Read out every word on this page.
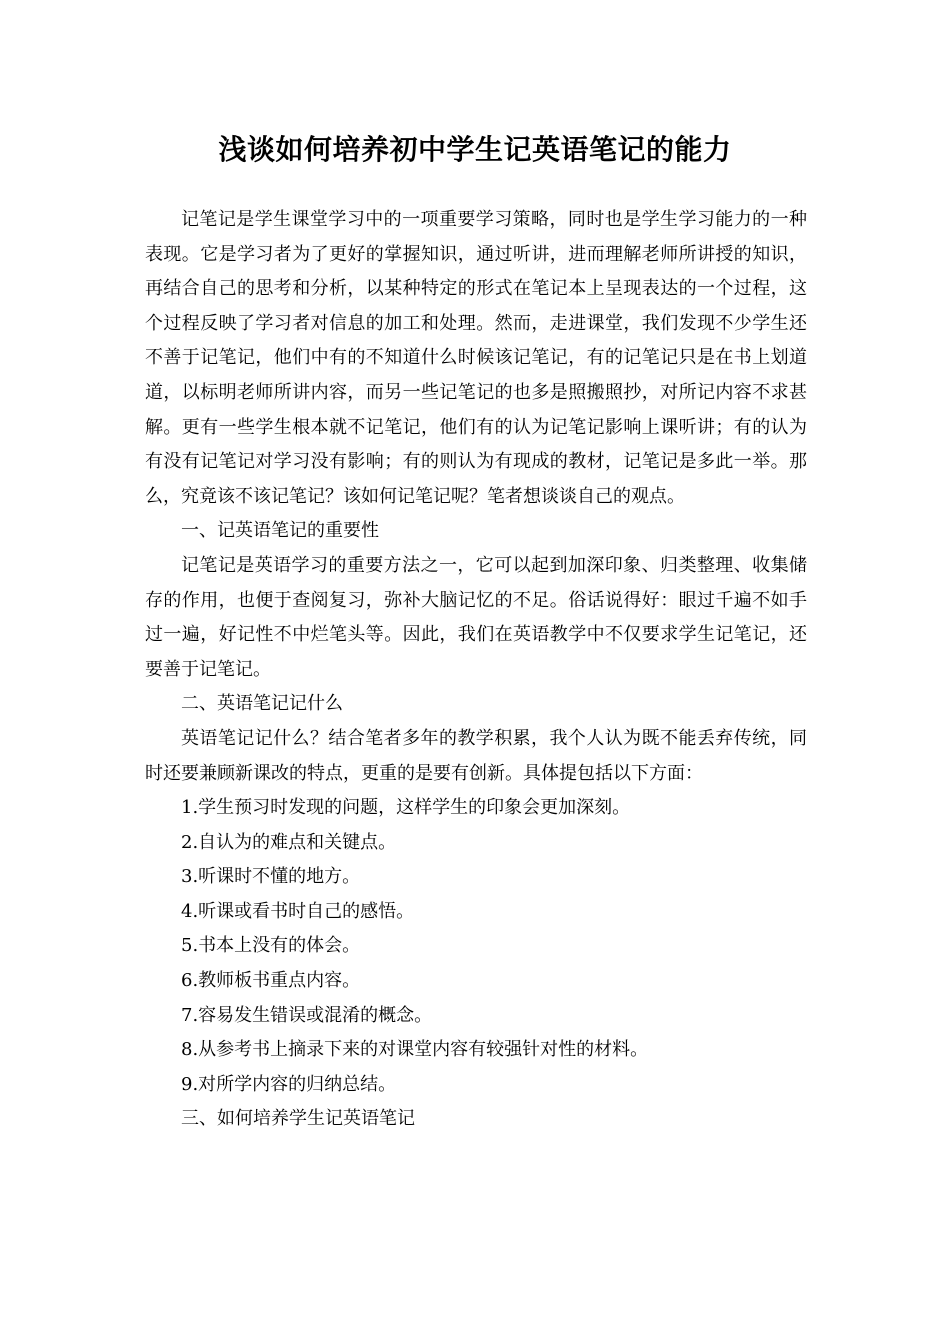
浅谈如何培养初中学生记英语笔记的能力

记笔记是学生课堂学习中的一项重要学习策略，同时也是学生学习能力的一种表现。它是学习者为了更好的掌握知识，通过听讲，进而理解老师所讲授的知识，再结合自己的思考和分析，以某种特定的形式在笔记本上呈现表达的一个过程，这个过程反映了学习者对信息的加工和处理。然而，走进课堂，我们发现不少学生还不善于记笔记，他们中有的不知道什么时候该记笔记，有的记笔记只是在书上划道道，以标明老师所讲内容，而另一些记笔记的也多是照搬照抄，对所记内容不求甚解。更有一些学生根本就不记笔记，他们有的认为记笔记影响上课听讲；有的认为有没有记笔记对学习没有影响；有的则认为有现成的教材，记笔记是多此一举。那么，究竟该不该记笔记？该如何记笔记呢？笔者想谈谈自己的观点。

一、记英语笔记的重要性

记笔记是英语学习的重要方法之一，它可以起到加深印象、归类整理、收集储存的作用，也便于查阅复习，弥补大脑记忆的不足。俗话说得好：眼过千遍不如手过一遍，好记性不中烂笔头等。因此，我们在英语教学中不仅要求学生记笔记，还要善于记笔记。

二、英语笔记记什么

英语笔记记什么？结合笔者多年的教学积累，我个人认为既不能丢弃传统，同时还要兼顾新课改的特点，更重的是要有创新。具体提包括以下方面：

1.学生预习时发现的问题，这样学生的印象会更加深刻。

2.自认为的难点和关键点。

3.听课时不懂的地方。

4.听课或看书时自己的感悟。

5.书本上没有的体会。

6.教师板书重点内容。

7.容易发生错误或混淆的概念。

8.从参考书上摘录下来的对课堂内容有较强针对性的材料。

9.对所学内容的归纳总结。

三、如何培养学生记英语笔记
